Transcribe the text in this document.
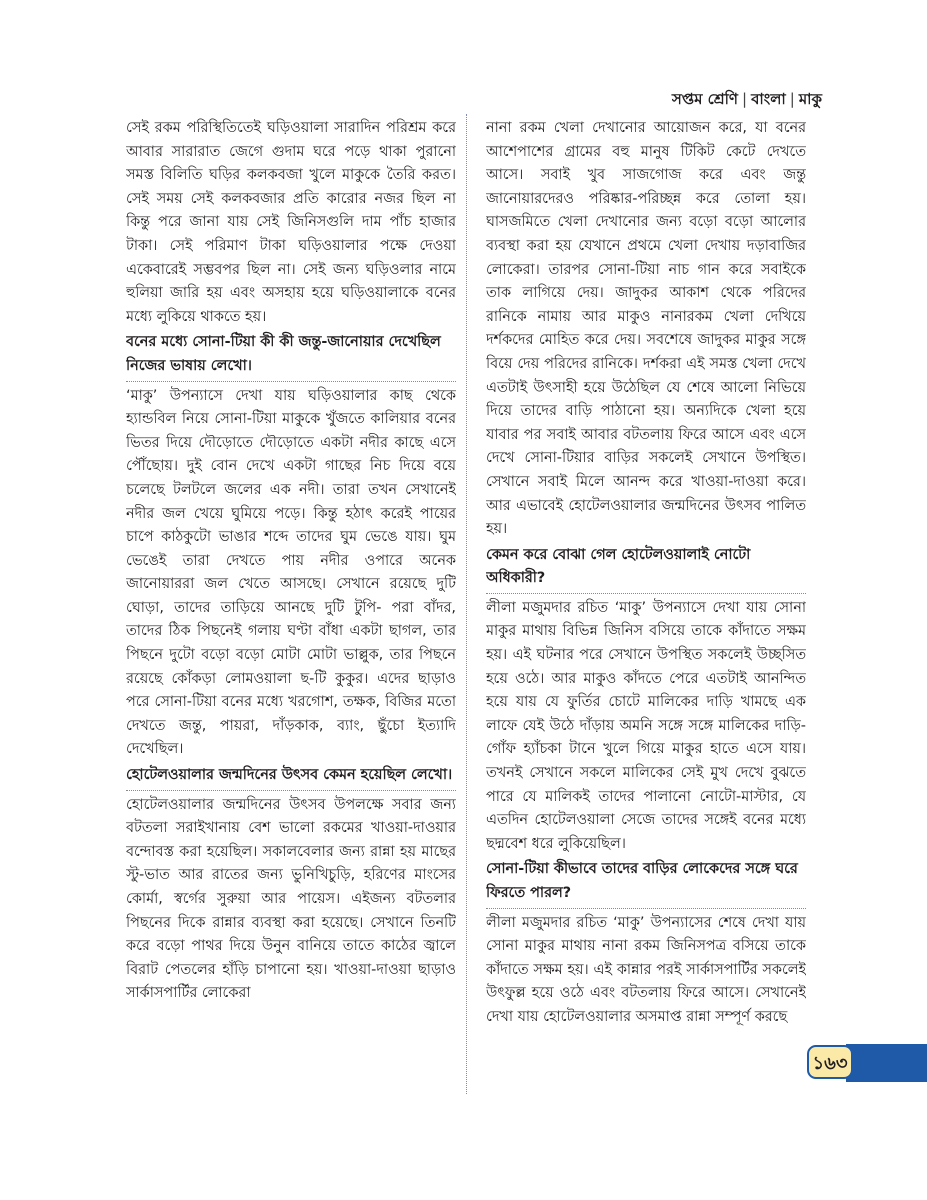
সপ্তম শ্রেণি | বাংলা | মাকু

সেই রকম পরিস্থিতিতেই ঘড়িওয়ালা সারাদিন পরিশ্রম করে আবার সারারাত জেগে গুদাম ঘরে পড়ে থাকা পুরানো সমস্ত বিলিতি ঘড়ির কলকবজা খুলে মাকুকে তৈরি করত। সেই সময় সেই কলকবজার প্রতি কারোর নজর ছিল না কিন্তু পরে জানা যায় সেই জিনিসগুলি দাম পাঁচ হাজার টাকা। সেই পরিমাণ টাকা ঘড়িওয়ালার পক্ষে দেওয়া একেবারেই সম্ভবপর ছিল না। সেই জন্য ঘড়িওলার নামে হুলিয়া জারি হয় এবং অসহায় হয়ে ঘড়িওয়ালাকে বনের মধ্যে লুকিয়ে থাকতে হয়।

বনের মধ্যে সোনা-টিয়া কী কী জন্তু-জানোয়ার দেখেছিল নিজের ভাষায় লেখো।
‘মাকু’ উপন্যাসে দেখা যায় ঘড়িওয়ালার কাছ থেকে হ্যান্ডবিল নিয়ে সোনা-টিয়া মাকুকে খুঁজতে কালিয়ার বনের ভিতর দিয়ে দৌড়োতে দৌড়োতে একটা নদীর কাছে এসে পৌঁছোয়। দুই বোন দেখে একটা গাছের নিচ দিয়ে বয়ে চলেছে টলটলে জলের এক নদী। তারা তখন সেখানেই নদীর জল খেয়ে ঘুমিয়ে পড়ে। কিন্তু হঠাৎ করেই পায়ের চাপে কাঠকুটো ভাঙার শব্দে তাদের ঘুম ভেঙে যায়। ঘুম ভেঙেই তারা দেখতে পায় নদীর ওপারে অনেক জানোয়াররা জল খেতে আসছে। সেখানে রয়েছে দুটি ঘোড়া, তাদের তাড়িয়ে আনছে দুটি টুপি- পরা বাঁদর, তাদের ঠিক পিছনেই গলায় ঘণ্টা বাঁধা একটা ছাগল, তার পিছনে দুটো বড়ো বড়ো মোটা মোটা ভাল্লুক, তার পিছনে রয়েছে কোঁকড়া লোমওয়ালা ছ-টি কুকুর। এদের ছাড়াও পরে সোনা-টিয়া বনের মধ্যে খরগোশ, তক্ষক, বিজির মতো দেখতে জন্তু, পায়রা, দাঁড়কাক, ব্যাং, ছুঁচো ইত্যাদি দেখেছিল।
হোটেলওয়ালার জন্মদিনের উৎসব কেমন হয়েছিল লেখো।
হোটেলওয়ালার জন্মদিনের উৎসব উপলক্ষে সবার জন্য বটতলা সরাইখানায় বেশ ভালো রকমের খাওয়া-দাওয়ার বন্দোবস্ত করা হয়েছিল। সকালবেলার জন্য রান্না হয় মাছের স্টু-ভাত আর রাতের জন্য ভুনিখিচুড়ি, হরিণের মাংসের কোর্মা, স্বর্গের সুরুয়া আর পায়েস। এইজন্য বটতলার পিছনের দিকে রান্নার ব্যবস্থা করা হয়েছে। সেখানে তিনটি করে বড়ো পাথর দিয়ে উনুন বানিয়ে তাতে কাঠের জ্বালে বিরাট পেতলের হাঁড়ি চাপানো হয়। খাওয়া-দাওয়া ছাড়াও সার্কাসপার্টির লোকেরা

নানা রকম খেলা দেখানোর আয়োজন করে, যা বনের আশেপাশের গ্রামের বহু মানুষ টিকিট কেটে দেখতে আসে। সবাই খুব সাজগোজ করে এবং জন্তু জানোয়ারদেরও পরিষ্কার-পরিচ্ছন্ন করে তোলা হয়। ঘাসজমিতে খেলা দেখানোর জন্য বড়ো বড়ো আলোর ব্যবস্থা করা হয় যেখানে প্রথমে খেলা দেখায় দড়াবাজির লোকেরা। তারপর সোনা-টিয়া নাচ গান করে সবাইকে তাক লাগিয়ে দেয়। জাদুকর আকাশ থেকে পরিদের রানিকে নামায় আর মাকুও নানারকম খেলা দেখিয়ে দর্শকদের মোহিত করে দেয়। সবশেষে জাদুকর মাকুর সঙ্গে বিয়ে দেয় পরিদের রানিকে। দর্শকরা এই সমস্ত খেলা দেখে এতটাই উৎসাহী হয়ে উঠেছিল যে শেষে আলো নিভিয়ে দিয়ে তাদের বাড়ি পাঠানো হয়। অন্যদিকে খেলা হয়ে যাবার পর সবাই আবার বটতলায় ফিরে আসে এবং এসে দেখে সোনা-টিয়ার বাড়ির সকলেই সেখানে উপস্থিত। সেখানে সবাই মিলে আনন্দ করে খাওয়া-দাওয়া করে। আর এভাবেই হোটেলওয়ালার জন্মদিনের উৎসব পালিত হয়।

কেমন করে বোঝা গেল হোটেলওয়ালাই নোটো অধিকারী?
লীলা মজুমদার রচিত ‘মাকু’ উপন্যাসে দেখা যায় সোনা মাকুর মাথায় বিভিন্ন জিনিস বসিয়ে তাকে কাঁদাতে সক্ষম হয়। এই ঘটনার পরে সেখানে উপস্থিত সকলেই উচ্ছসিত হয়ে ওঠে। আর মাকুও কাঁদতে পেরে এতটাই আনন্দিত হয়ে যায় যে ফুর্তির চোটে মালিকের দাড়ি খামছে এক লাফে যেই উঠে দাঁড়ায় অমনি সঙ্গে সঙ্গে মালিকের দাড়ি-গোঁফ হ্যাঁচকা টানে খুলে গিয়ে মাকুর হাতে এসে যায়। তখনই সেখানে সকলে মালিকের সেই মুখ দেখে বুঝতে পারে যে মালিকই তাদের পালানো নোটো-মাস্টার, যে এতদিন হোটেলওয়ালা সেজে তাদের সঙ্গেই বনের মধ্যে ছদ্মবেশ ধরে লুকিয়েছিল।
সোনা-টিয়া কীভাবে তাদের বাড়ির লোকেদের সঙ্গে ঘরে ফিরতে পারল?
লীলা মজুমদার রচিত ‘মাকু’ উপন্যাসের শেষে দেখা যায় সোনা মাকুর মাথায় নানা রকম জিনিসপত্র বসিয়ে তাকে কাঁদাতে সক্ষম হয়। এই কান্নার পরই সার্কাসপার্টির সকলেই উৎফুল্ল হয়ে ওঠে এবং বটতলায় ফিরে আসে। সেখানেই দেখা যায় হোটেলওয়ালার অসমাপ্ত রান্না সম্পূর্ণ করছে
১৬৩
